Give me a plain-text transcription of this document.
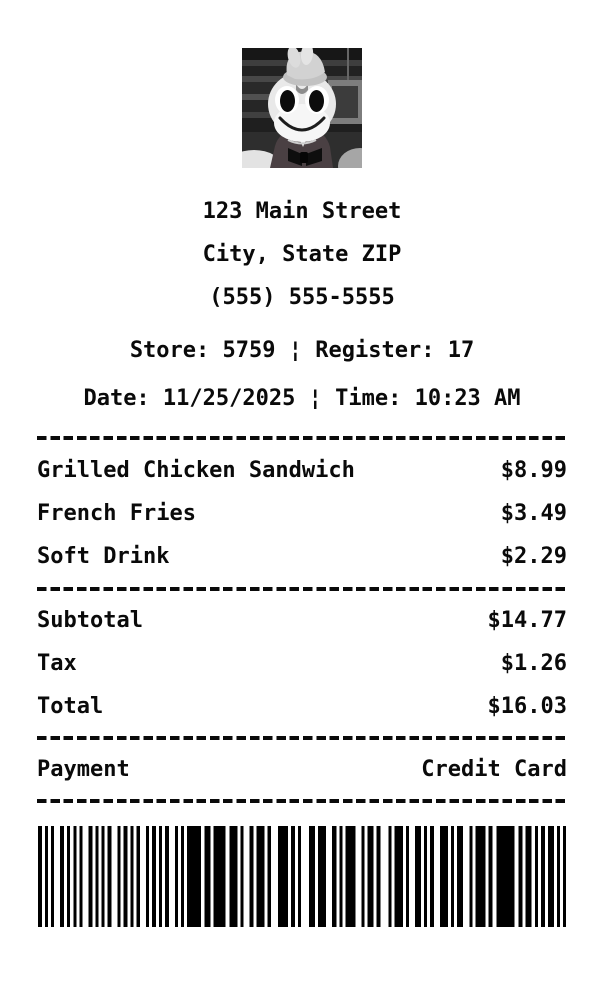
123 Main Street
City, State ZIP
(555) 555-5555
Store: 5759 ¦ Register: 17
Date: 11/25/2025 ¦ Time: 10:23 AM
Grilled Chicken Sandwich	$8.99
French Fries	$3.49
Soft Drink	$2.29
Subtotal	$14.77
Tax	$1.26
Total	$16.03
Payment	Credit Card
